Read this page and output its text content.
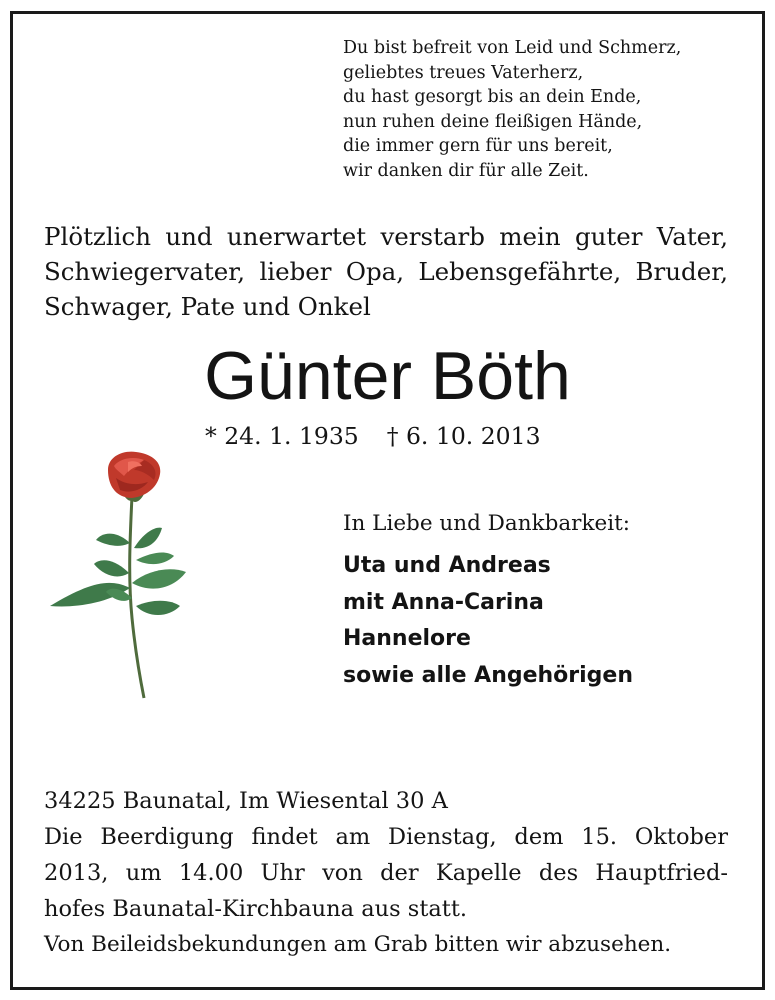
Du bist befreit von Leid und Schmerz,
geliebtes treues Vaterherz,
du hast gesorgt bis an dein Ende,
nun ruhen deine fleißigen Hände,
die immer gern für uns bereit,
wir danken dir für alle Zeit.
Plötzlich und unerwartet verstarb mein guter Vater,
Schwiegervater, lieber Opa, Lebensgefährte, Bruder,
Schwager, Pate und Onkel
Günter Böth
* 24. 1. 1935 † 6. 10. 2013
In Liebe und Dankbarkeit:
Uta und Andreas
mit Anna-Carina
Hannelore
sowie alle Angehörigen
34225 Baunatal, Im Wiesental 30 A
Die Beerdigung findet am Dienstag, dem 15. Oktober
2013, um 14.00 Uhr von der Kapelle des Hauptfried-
hofes Baunatal-Kirchbauna aus statt.
Von Beileidsbekundungen am Grab bitten wir abzusehen.
